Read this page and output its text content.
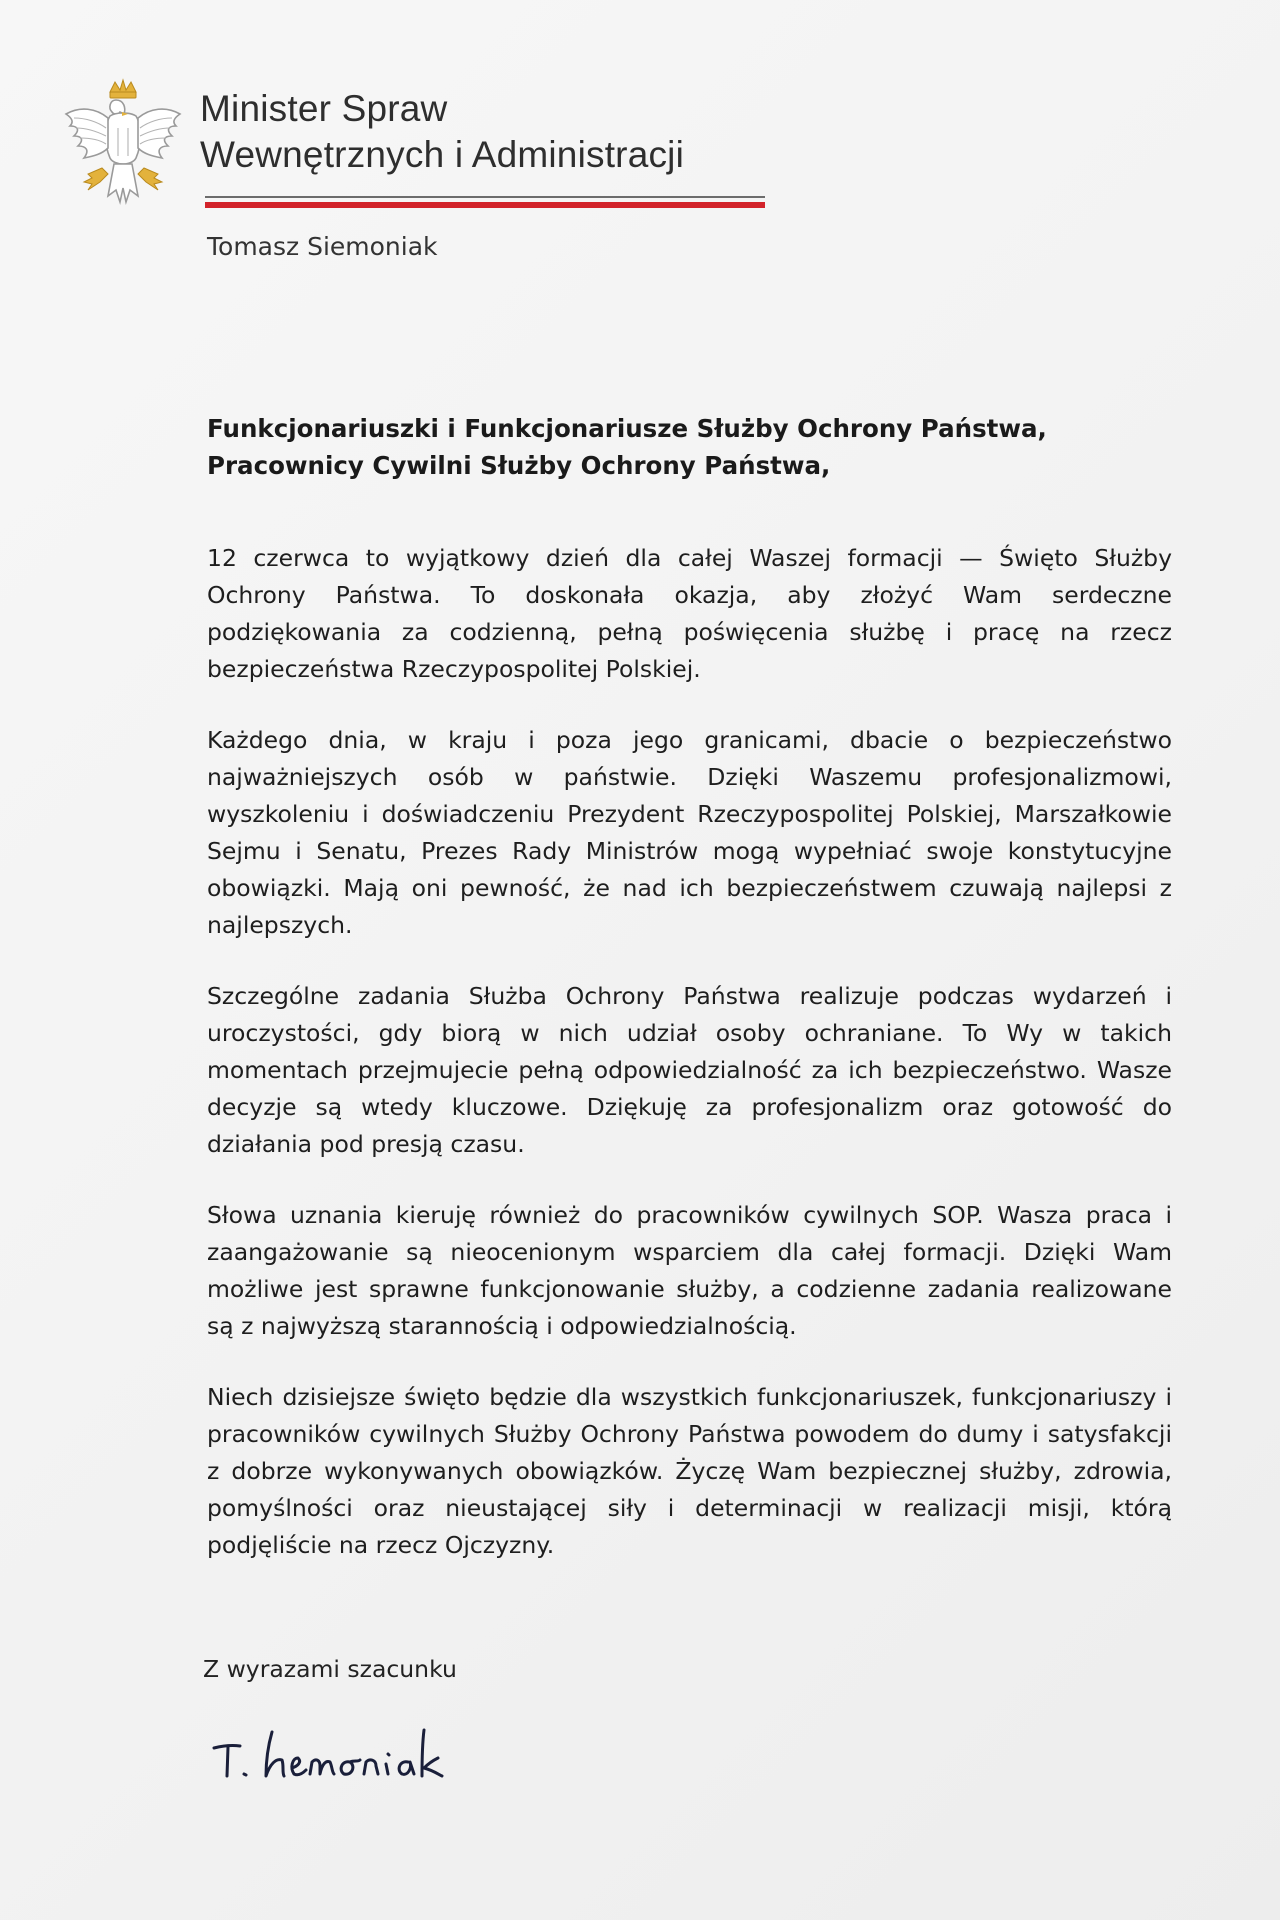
Minister Spraw
Wewnętrznych i Administracji
Tomasz Siemoniak
Funkcjonariuszki i Funkcjonariusze Służby Ochrony Państwa,
Pracownicy Cywilni Służby Ochrony Państwa,

12 czerwca to wyjątkowy dzień dla całej Waszej formacji — Święto Służby Ochrony Państwa. To doskonała okazja, aby złożyć Wam serdeczne podziękowania za codzienną, pełną poświęcenia służbę i pracę na rzecz bezpieczeństwa Rzeczypospolitej Polskiej.

Każdego dnia, w kraju i poza jego granicami, dbacie o bezpieczeństwo najważniejszych osób w państwie. Dzięki Waszemu profesjonalizmowi, wyszkoleniu i doświadczeniu Prezydent Rzeczypospolitej Polskiej, Marszałkowie Sejmu i Senatu, Prezes Rady Ministrów mogą wypełniać swoje konstytucyjne obowiązki. Mają oni pewność, że nad ich bezpieczeństwem czuwają najlepsi z najlepszych.

Szczególne zadania Służba Ochrony Państwa realizuje podczas wydarzeń i uroczystości, gdy biorą w nich udział osoby ochraniane. To Wy w takich momentach przejmujecie pełną odpowiedzialność za ich bezpieczeństwo. Wasze decyzje są wtedy kluczowe. Dziękuję za profesjonalizm oraz gotowość do działania pod presją czasu.

Słowa uznania kieruję również do pracowników cywilnych SOP. Wasza praca i zaangażowanie są nieocenionym wsparciem dla całej formacji. Dzięki Wam możliwe jest sprawne funkcjonowanie służby, a codzienne zadania realizowane są z najwyższą starannością i odpowiedzialnością.

Niech dzisiejsze święto będzie dla wszystkich funkcjonariuszek, funkcjonariuszy i pracowników cywilnych Służby Ochrony Państwa powodem do dumy i satysfakcji z dobrze wykonywanych obowiązków. Życzę Wam bezpiecznej służby, zdrowia, pomyślności oraz nieustającej siły i determinacji w realizacji misji, którą podjęliście na rzecz Ojczyzny.

Z wyrazami szacunku
